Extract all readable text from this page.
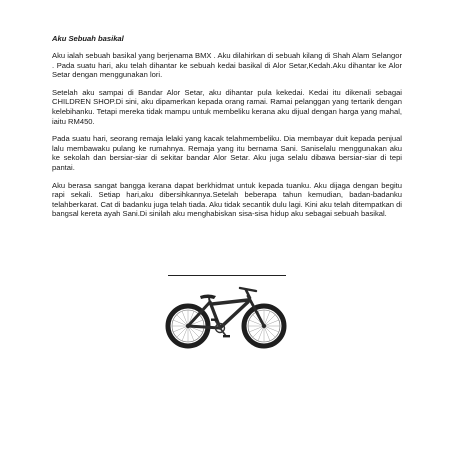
Aku Sebuah basikal

Aku ialah sebuah basikal yang berjenama BMX . Aku dilahirkan di sebuah kilang di Shah Alam Selangor . Pada suatu hari, aku telah dihantar ke sebuah kedai basikal di Alor Setar,Kedah.Aku dihantar ke Alor Setar dengan menggunakan lori.

Setelah aku sampai di Bandar Alor Setar, aku dihantar pula kekedai. Kedai itu dikenali sebagai CHILDREN SHOP.Di sini, aku dipamerkan kepada orang ramai. Ramai pelanggan yang tertarik dengan kelebihanku. Tetapi mereka tidak mampu untuk membeliku kerana aku dijual dengan harga yang mahal, iaitu RM450.

Pada suatu hari, seorang remaja lelaki yang kacak telahmembeliku. Dia membayar duit kepada penjual lalu membawaku pulang ke rumahnya. Remaja yang itu bernama Sani. Saniselalu menggunakan aku ke sekolah dan bersiar-siar di sekitar bandar Alor Setar. Aku juga selalu dibawa bersiar-siar di tepi pantai.

Aku berasa sangat bangga kerana dapat berkhidmat untuk kepada tuanku. Aku dijaga dengan begitu rapi sekali. Setiap hari,aku dibersihkannya.Setelah beberapa tahun kemudian, badan-badanku telahberkarat. Cat di badanku juga telah tiada. Aku tidak secantik dulu lagi. Kini aku telah ditempatkan di bangsal kereta ayah Sani.Di sinilah aku menghabiskan sisa-sisa hidup aku sebagai sebuah basikal.
